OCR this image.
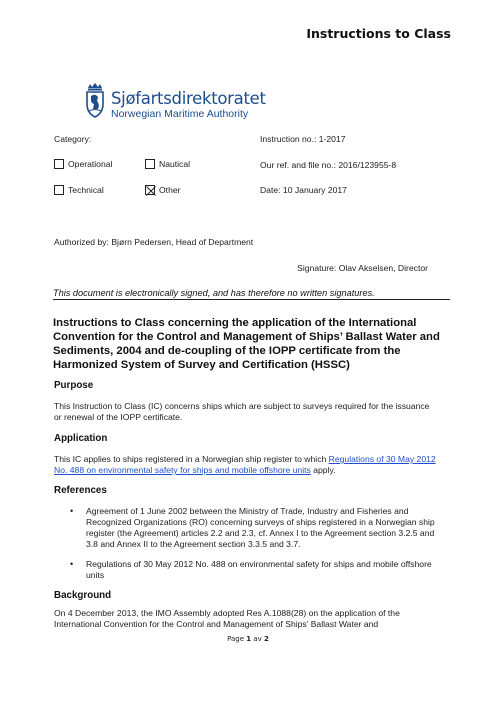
Instructions to Class
Sjøfartsdirektoratet
Norwegian Maritime Authority
Category:	Instruction no.: 1-2017
Operational	Nautical	Our ref. and file no.: 2016/123955-8
Technical	Other	Date: 10 January 2017
Authorized by: Bjørn Pedersen, Head of Department
Signature: Olav Akselsen, Director
This document is electronically signed, and has therefore no written signatures.
Instructions to Class concerning the application of the International Convention for the Control and Management of Ships’ Ballast Water and Sediments, 2004 and de-coupling of the IOPP certificate from the Harmonized System of Survey and Certification (HSSC)
Purpose
This Instruction to Class (IC) concerns ships which are subject to surveys required for the issuance or renewal of the IOPP certificate.
Application
This IC applies to ships registered in a Norwegian ship register to which Regulations of 30 May 2012 No. 488 on environmental safety for ships and mobile offshore units apply.
References
• Agreement of 1 June 2002 between the Ministry of Trade, Industry and Fisheries and Recognized Organizations (RO) concerning surveys of ships registered in a Norwegian ship register (the Agreement) articles 2.2 and 2.3, cf. Annex I to the Agreement section 3.2.5 and 3.8 and Annex II to the Agreement section 3.3.5 and 3.7.
• Regulations of 30 May 2012 No. 488 on environmental safety for ships and mobile offshore units
Background
On 4 December 2013, the IMO Assembly adopted Res A.1088(28) on the application of the International Convention for the Control and Management of Ships’ Ballast Water and
Page 1 av 2
